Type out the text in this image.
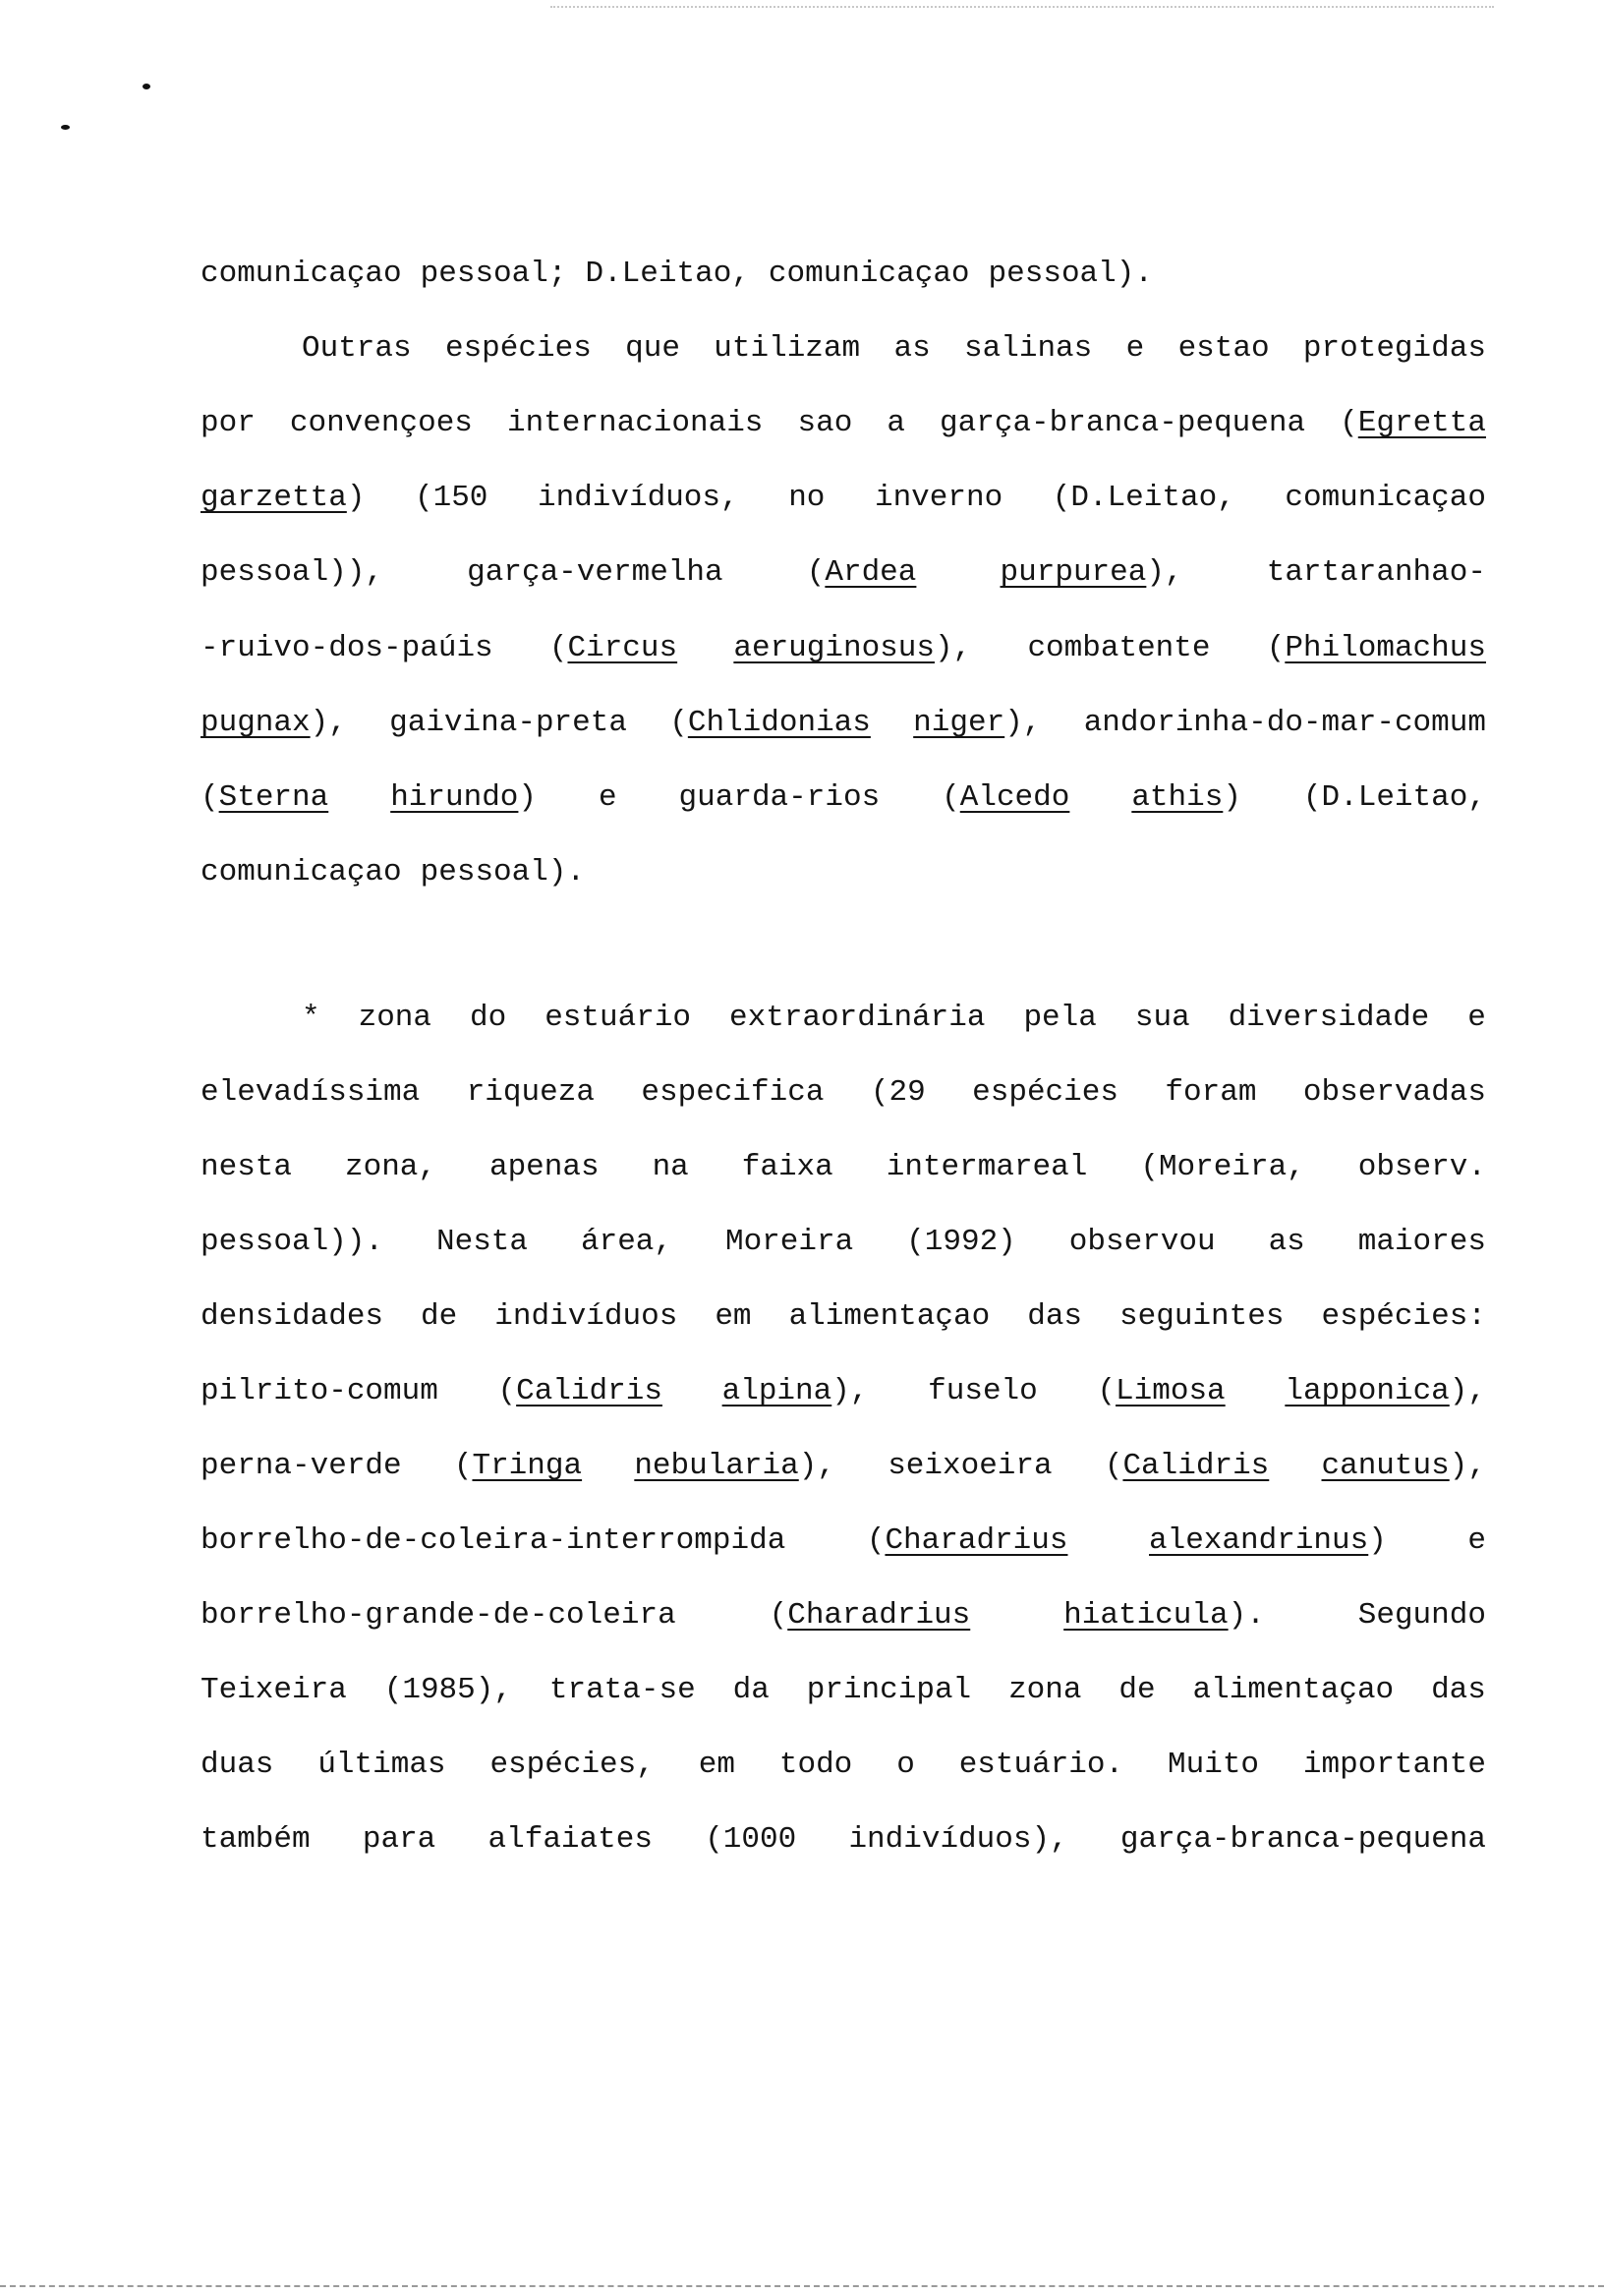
comunicaçao pessoal; D.Leitao, comunicaçao pessoal).
Outras espécies que utilizam as salinas e estao protegidas
por convençoes internacionais sao a garça-branca-pequena (Egretta
garzetta) (150 indivíduos, no inverno (D.Leitao, comunicaçao
pessoal)),	garça-vermelha	(Ardea	purpurea),	tartaranhao-
-ruivo-dos-paúis (Circus aeruginosus), combatente (Philomachus
pugnax), gaivina-preta (Chlidonias niger), andorinha-do-mar-comum
(Sterna hirundo) e guarda-rios (Alcedo athis) (D.Leitao,
comunicaçao pessoal).
* zona do estuário extraordinária pela sua diversidade e
elevadíssima riqueza especifica (29 espécies foram observadas
nesta zona, apenas na faixa intermareal (Moreira, observ.
pessoal)). Nesta área, Moreira (1992) observou as maiores
densidades de indivíduos em alimentaçao das seguintes espécies:
pilrito-comum (Calidris alpina), fuselo (Limosa lapponica),
perna-verde (Tringa nebularia), seixoeira (Calidris canutus),
borrelho-de-coleira-interrompida	(Charadrius	alexandrinus)	e
borrelho-grande-de-coleira	(Charadrius	hiaticula).	Segundo
Teixeira (1985), trata-se da principal zona de alimentaçao das
duas últimas espécies, em todo o estuário. Muito importante
também para alfaiates (1000 indivíduos), garça-branca-pequena
